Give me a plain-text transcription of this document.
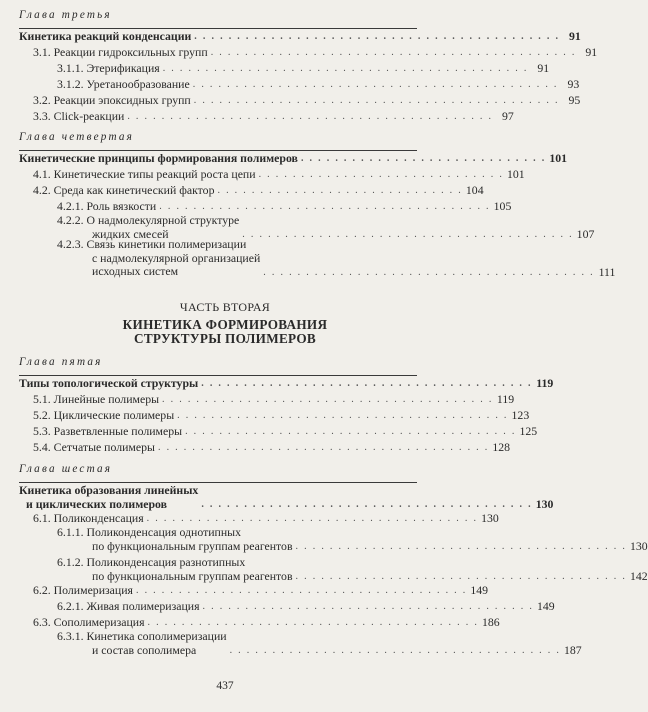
Глава третья
Кинетика реакций конденсации . . . . . . . . . . . . . . . . . . . . . . . . . . . . . . . . . . . . . . . . . . . 91
3.1. Реакции гидроксильных групп . . . . . . . . . . . . . . . . . . . . . . . . . . . . . . . . . . . . . . . . . . . 91
3.1.1. Этерификация . . . . . . . . . . . . . . . . . . . . . . . . . . . . . . . . . . . . . . . . . . . 91
3.1.2. Уретанообразование . . . . . . . . . . . . . . . . . . . . . . . . . . . . . . . . . . . . . . . . . . . 93
3.2. Реакции эпоксидных групп . . . . . . . . . . . . . . . . . . . . . . . . . . . . . . . . . . . . . . . . . . . 95
3.3. Click-реакции . . . . . . . . . . . . . . . . . . . . . . . . . . . . . . . . . . . . . . . . . . . 97
Глава четвертая
Кинетические принципы формирования полимеров . . . . . . . . . . . . . . . . . . . . . . . . . . . . . 101
4.1. Кинетические типы реакций роста цепи . . . . . . . . . . . . . . . . . . . . . . . . . . . . . 101
4.2. Среда как кинетический фактор . . . . . . . . . . . . . . . . . . . . . . . . . . . . . 104
4.2.1. Роль вязкости . . . . . . . . . . . . . . . . . . . . . . . . . . . . . . . . . . . . . . . 105
4.2.2. О надмолекулярной структуре
жидких смесей	. . . . . . . . . . . . . . . . . . . . . . . . . . . . . . . . . . . . . . . 107
4.2.3. Связь кинетики полимеризации
с надмолекулярной организацией
исходных систем	. . . . . . . . . . . . . . . . . . . . . . . . . . . . . . . . . . . . . . . 111
ЧАСТЬ ВТОРАЯ
КИНЕТИКА ФОРМИРОВАНИЯ
СТРУКТУРЫ ПОЛИМЕРОВ
Глава пятая
Типы топологической структуры . . . . . . . . . . . . . . . . . . . . . . . . . . . . . . . . . . . . . . . 119
5.1. Линейные полимеры . . . . . . . . . . . . . . . . . . . . . . . . . . . . . . . . . . . . . . . 119
5.2. Циклические полимеры . . . . . . . . . . . . . . . . . . . . . . . . . . . . . . . . . . . . . . . 123
5.3. Разветвленные полимеры . . . . . . . . . . . . . . . . . . . . . . . . . . . . . . . . . . . . . . . 125
5.4. Сетчатые полимеры . . . . . . . . . . . . . . . . . . . . . . . . . . . . . . . . . . . . . . . 128
Глава шестая
Кинетика образования линейных
и циклических полимеров	. . . . . . . . . . . . . . . . . . . . . . . . . . . . . . . . . . . . . . . 130
6.1. Поликонденсация . . . . . . . . . . . . . . . . . . . . . . . . . . . . . . . . . . . . . . . 130
6.1.1. Поликонденсация однотипных
по функциональным группам реагентов . . . . . . . . . . . . . . . . . . . . . . . . . . . . . . . . . . . . . . . 130
6.1.2. Поликонденсация разнотипных
по функциональным группам реагентов . . . . . . . . . . . . . . . . . . . . . . . . . . . . . . . . . . . . . . . 142
6.2. Полимеризация . . . . . . . . . . . . . . . . . . . . . . . . . . . . . . . . . . . . . . . 149
6.2.1. Живая полимеризация . . . . . . . . . . . . . . . . . . . . . . . . . . . . . . . . . . . . . . . 149
6.3. Сополимеризация . . . . . . . . . . . . . . . . . . . . . . . . . . . . . . . . . . . . . . . 186
6.3.1. Кинетика сополимеризации
и состав сополимера	. . . . . . . . . . . . . . . . . . . . . . . . . . . . . . . . . . . . . . . 187
437
